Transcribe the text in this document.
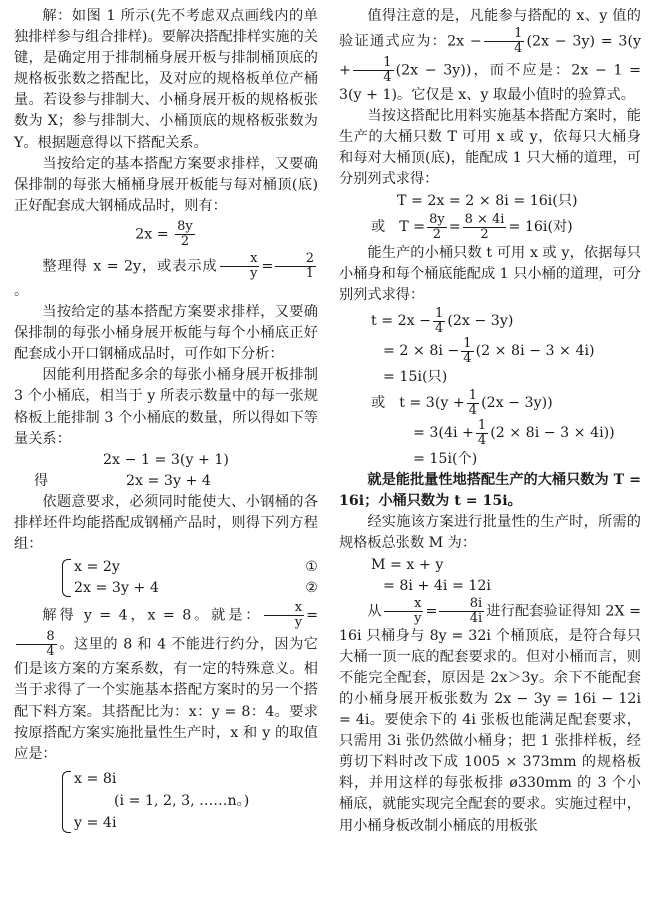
解：如图 1 所示(先不考虑双点画线内的单独排样参与组合排样)。要解决搭配排样实施的关键，是确定用于排制桶身展开板与排制桶顶底的规格板张数之搭配比，及对应的规格板单位产桶量。若设参与排制大、小桶身展开板的规格板张数为 X；参与排制大、小桶顶底的规格板张数为 Y。根据题意得以下搭配关系。

当按给定的基本搭配方案要求排样，又要确保排制的每张大桶桶身展开板能与每对桶顶(底)正好配套成大钢桶成品时，则有：

$2x = \frac{8y}{2}$

整理得 x = 2y，或表示成 $\frac{x}{y} = \frac{2}{1}$
。

当按给定的基本搭配方案要求排样，又要确保排制的每张小桶身展开板能与每个小桶底正好配套成小开口钢桶成品时，可作如下分析：

因能利用搭配多余的每张小桶身展开板排制 3 个小桶底，相当于 y 所表示数量中的每一张规格板上能排制 3 个小桶底的数量，所以得如下等量关系：

2x − 1 = 3(y + 1)
得	2x = 3y + 4

依题意要求，必须同时能使大、小钢桶的各排样坯件均能搭配成钢桶产品时，则得下列方程组：

x = 2y	①
2x = 3y + 4	②

解得 y = 4，x = 8。就是： $\frac{x}{y}$ =
$\frac{8}{4}$ 。这里的 8 和 4 不能进行约分，因为它们是该方案的方案系数，有一定的特殊意义。相当于求得了一个实施基本搭配方案时的另一个搭配下料方案。其搭配比为：x：y = 8：4。要求按原搭配方案实施批量性生产时，x 和 y 的取值应是：

x = 8i
(i = 1, 2, 3, ……n。)
y = 4i

值得注意的是，凡能参与搭配的 x、y 值的验证通式应为：$2x - \frac{1}{4} (2x - 3y) = 3(y + \frac{1}{4} (2x - 3y))$，而不应是：2x − 1 = 3(y + 1)。它仅是 x、y 取最小值时的验算式。

当按这搭配比用料实施基本搭配方案时，能生产的大桶只数 T 可用 x 或 y，依每只大桶身和每对大桶顶(底)，能配成 1 只大桶的道理，可分别列式求得：

T = 2x = 2 × 8i = 16i(只)
或 $T = \frac{8y}{2} = \frac{8 \times 4i}{2} = 16i$(对)

能生产的小桶只数 t 可用 x 或 y，依据每只小桶身和每个桶底能配成 1 只小桶的道理，可分别列式求得：

$t = 2x - \frac{1}{4} (2x - 3y)$
= $2 \times 8i - \frac{1}{4} (2 \times 8i - 3 \times 4i)$
= 15i(只)
或 $t = 3(y + \frac{1}{4} (2x - 3y))$
= $3(4i + \frac{1}{4} (2 \times 8i - 3 \times 4i))$
= 15i(个)

就是能批量性地搭配生产的大桶只数为 T = 16i；小桶只数为 t = 15i。

经实施该方案进行批量性的生产时，所需的规格板总张数 M 为：

M = x + y
= 8i + 4i = 12i

从 $\frac{x}{y} = \frac{8i}{4i}$ 进行配套验证得知 2X = 16i 只桶身与 8y = 32i 个桶顶底，是符合每只大桶一顶一底的配套要求的。但对小桶而言，则不能完全配套，原因是 2x＞3y。余下不能配套的小桶身展开板张数为 2x − 3y = 16i − 12i = 4i。要使余下的 4i 张板也能满足配套要求，只需用 3i 张仍然做小桶身；把 1 张排样板，经剪切下料时改下成 1005 × 373mm 的规格板料，并用这样的每张板排 ø330mm 的 3 个小桶底，就能实现完全配套的要求。实施过程中，用小桶身板改制小桶底的用板张
